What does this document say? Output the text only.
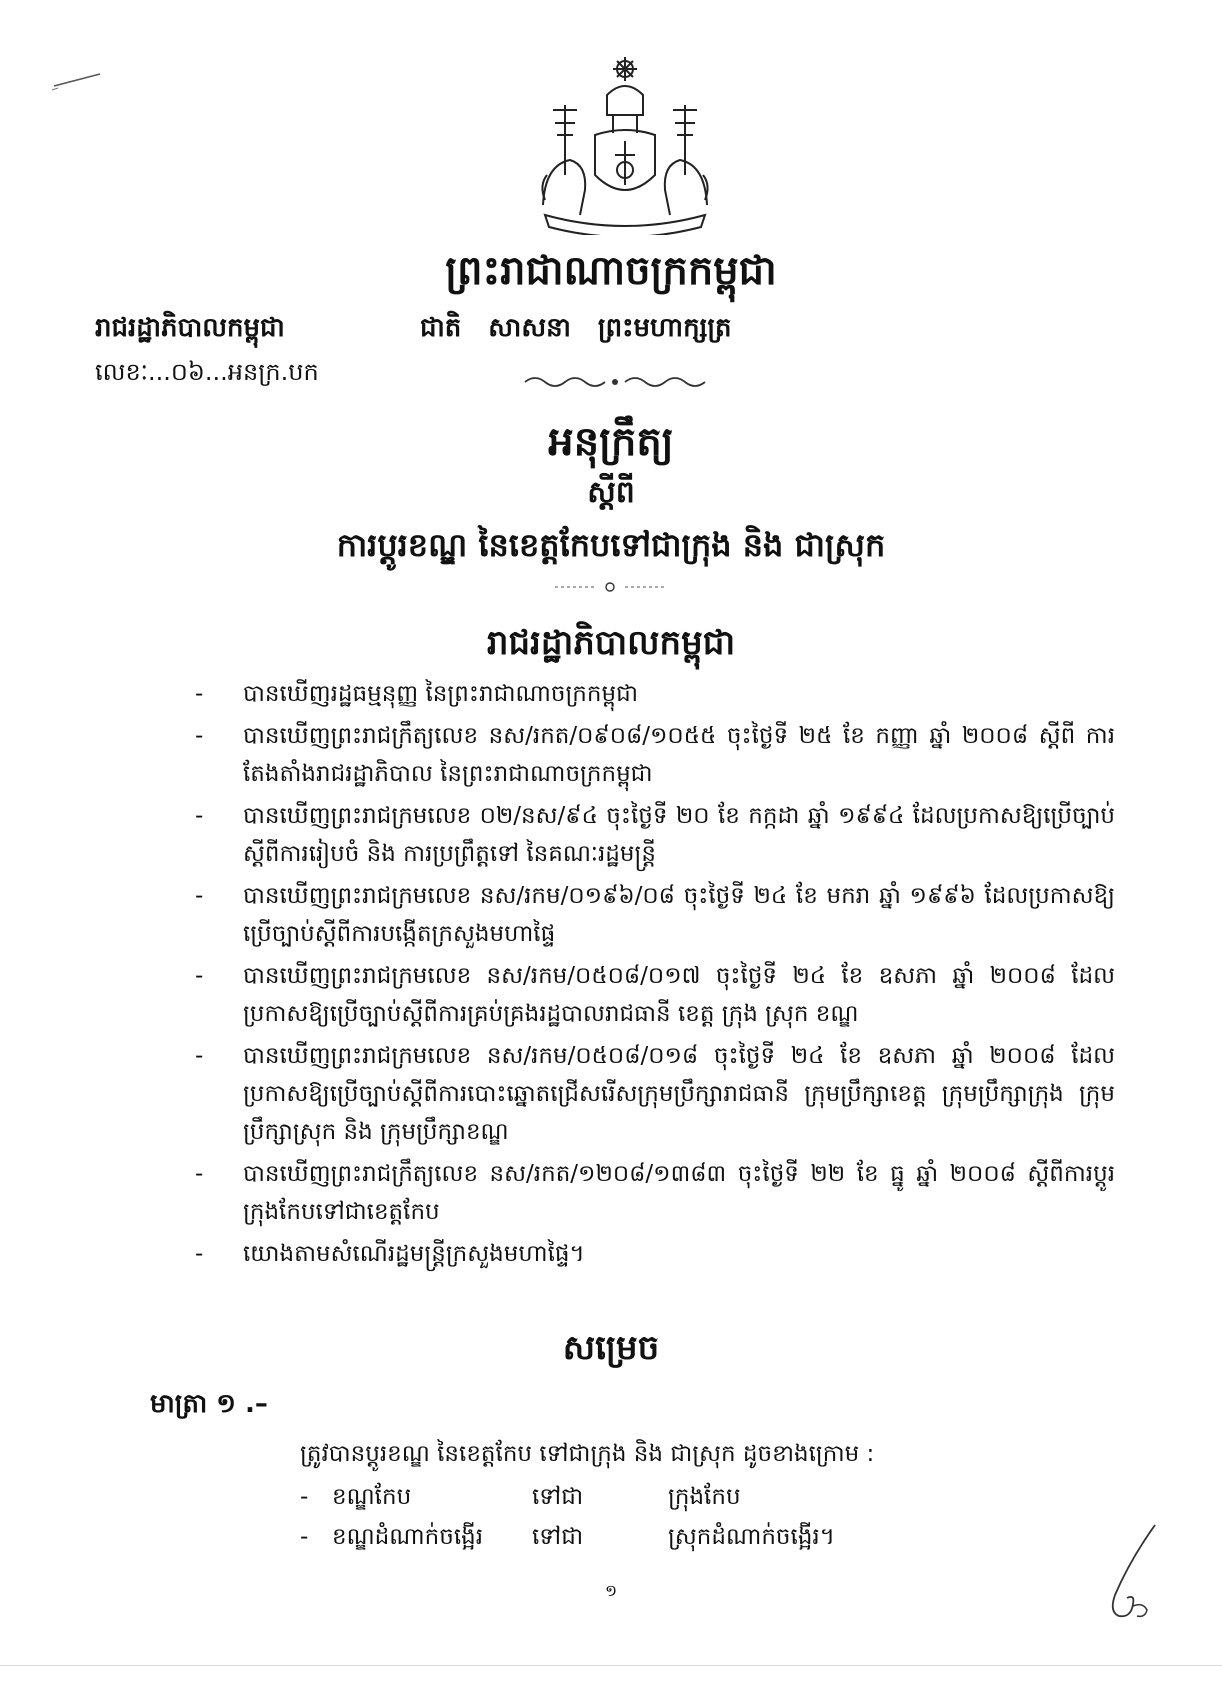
ព្រះរាជាណាចក្រកម្ពុជា
រាជរដ្ឋាភិបាលកម្ពុជា	ជាតិ សាសនា ព្រះមហាក្សត្រ
លេខៈ...០៦...អនក្រ.បក
អនុក្រឹត្យ
ស្តីពី
ការប្តូរខណ្ឌ នៃខេត្តកែបទៅជាក្រុង និង ជាស្រុក
រាជរដ្ឋាភិបាលកម្ពុជា
- បានឃើញរដ្ឋធម្មនុញ្ញ នៃព្រះរាជាណាចក្រកម្ពុជា
- បានឃើញព្រះរាជក្រឹត្យលេខ នស/រកត/០៩០៨/១០៥៥ ចុះថ្ងៃទី ២៥ ខែ កញ្ញា ឆ្នាំ ២០០៨ ស្តីពី ការតែងតាំងរាជរដ្ឋាភិបាល នៃព្រះរាជាណាចក្រកម្ពុជា
- បានឃើញព្រះរាជក្រមលេខ ០២/នស/៩៤ ចុះថ្ងៃទី ២០ ខែ កក្កដា ឆ្នាំ ១៩៩៤ ដែលប្រកាសឱ្យប្រើច្បាប់ស្តីពីការរៀបចំ និង ការប្រព្រឹត្តទៅ នៃគណៈរដ្ឋមន្ត្រី
- បានឃើញព្រះរាជក្រមលេខ នស/រកម/០១៩៦/០៨ ចុះថ្ងៃទី ២៤ ខែ មករា ឆ្នាំ ១៩៩៦ ដែលប្រកាសឱ្យប្រើច្បាប់ស្តីពីការបង្កើតក្រសួងមហាផ្ទៃ
- បានឃើញព្រះរាជក្រមលេខ នស/រកម/០៥០៨/០១៧ ចុះថ្ងៃទី ២៤ ខែ ឧសភា ឆ្នាំ ២០០៨ ដែលប្រកាសឱ្យប្រើច្បាប់ស្តីពីការគ្រប់គ្រងរដ្ឋបាលរាជធានី ខេត្ត ក្រុង ស្រុក ខណ្ឌ
- បានឃើញព្រះរាជក្រមលេខ នស/រកម/០៥០៨/០១៨ ចុះថ្ងៃទី ២៤ ខែ ឧសភា ឆ្នាំ ២០០៨ ដែលប្រកាសឱ្យប្រើច្បាប់ស្តីពីការបោះឆ្នោតជ្រើសរើសក្រុមប្រឹក្សារាជធានី ក្រុមប្រឹក្សាខេត្ត ក្រុមប្រឹក្សាក្រុង ក្រុមប្រឹក្សាស្រុក និង ក្រុមប្រឹក្សាខណ្ឌ
- បានឃើញព្រះរាជក្រឹត្យលេខ នស/រកត/១២០៨/១៣៨៣ ចុះថ្ងៃទី ២២ ខែ ធ្នូ ឆ្នាំ ២០០៨ ស្តីពីការប្តូរក្រុងកែបទៅជាខេត្តកែប
- យោងតាមសំណើរដ្ឋមន្ត្រីក្រសួងមហាផ្ទៃ។
សម្រេច
មាត្រា ១ .–
ត្រូវបានប្តូរខណ្ឌ នៃខេត្តកែប ទៅជាក្រុង និង ជាស្រុក ដូចខាងក្រោម :
- ខណ្ឌកែប	ទៅជា	ក្រុងកែប
- ខណ្ឌដំណាក់ចង្អើរ ទៅជា	ស្រុកដំណាក់ចង្អើរ។
១
